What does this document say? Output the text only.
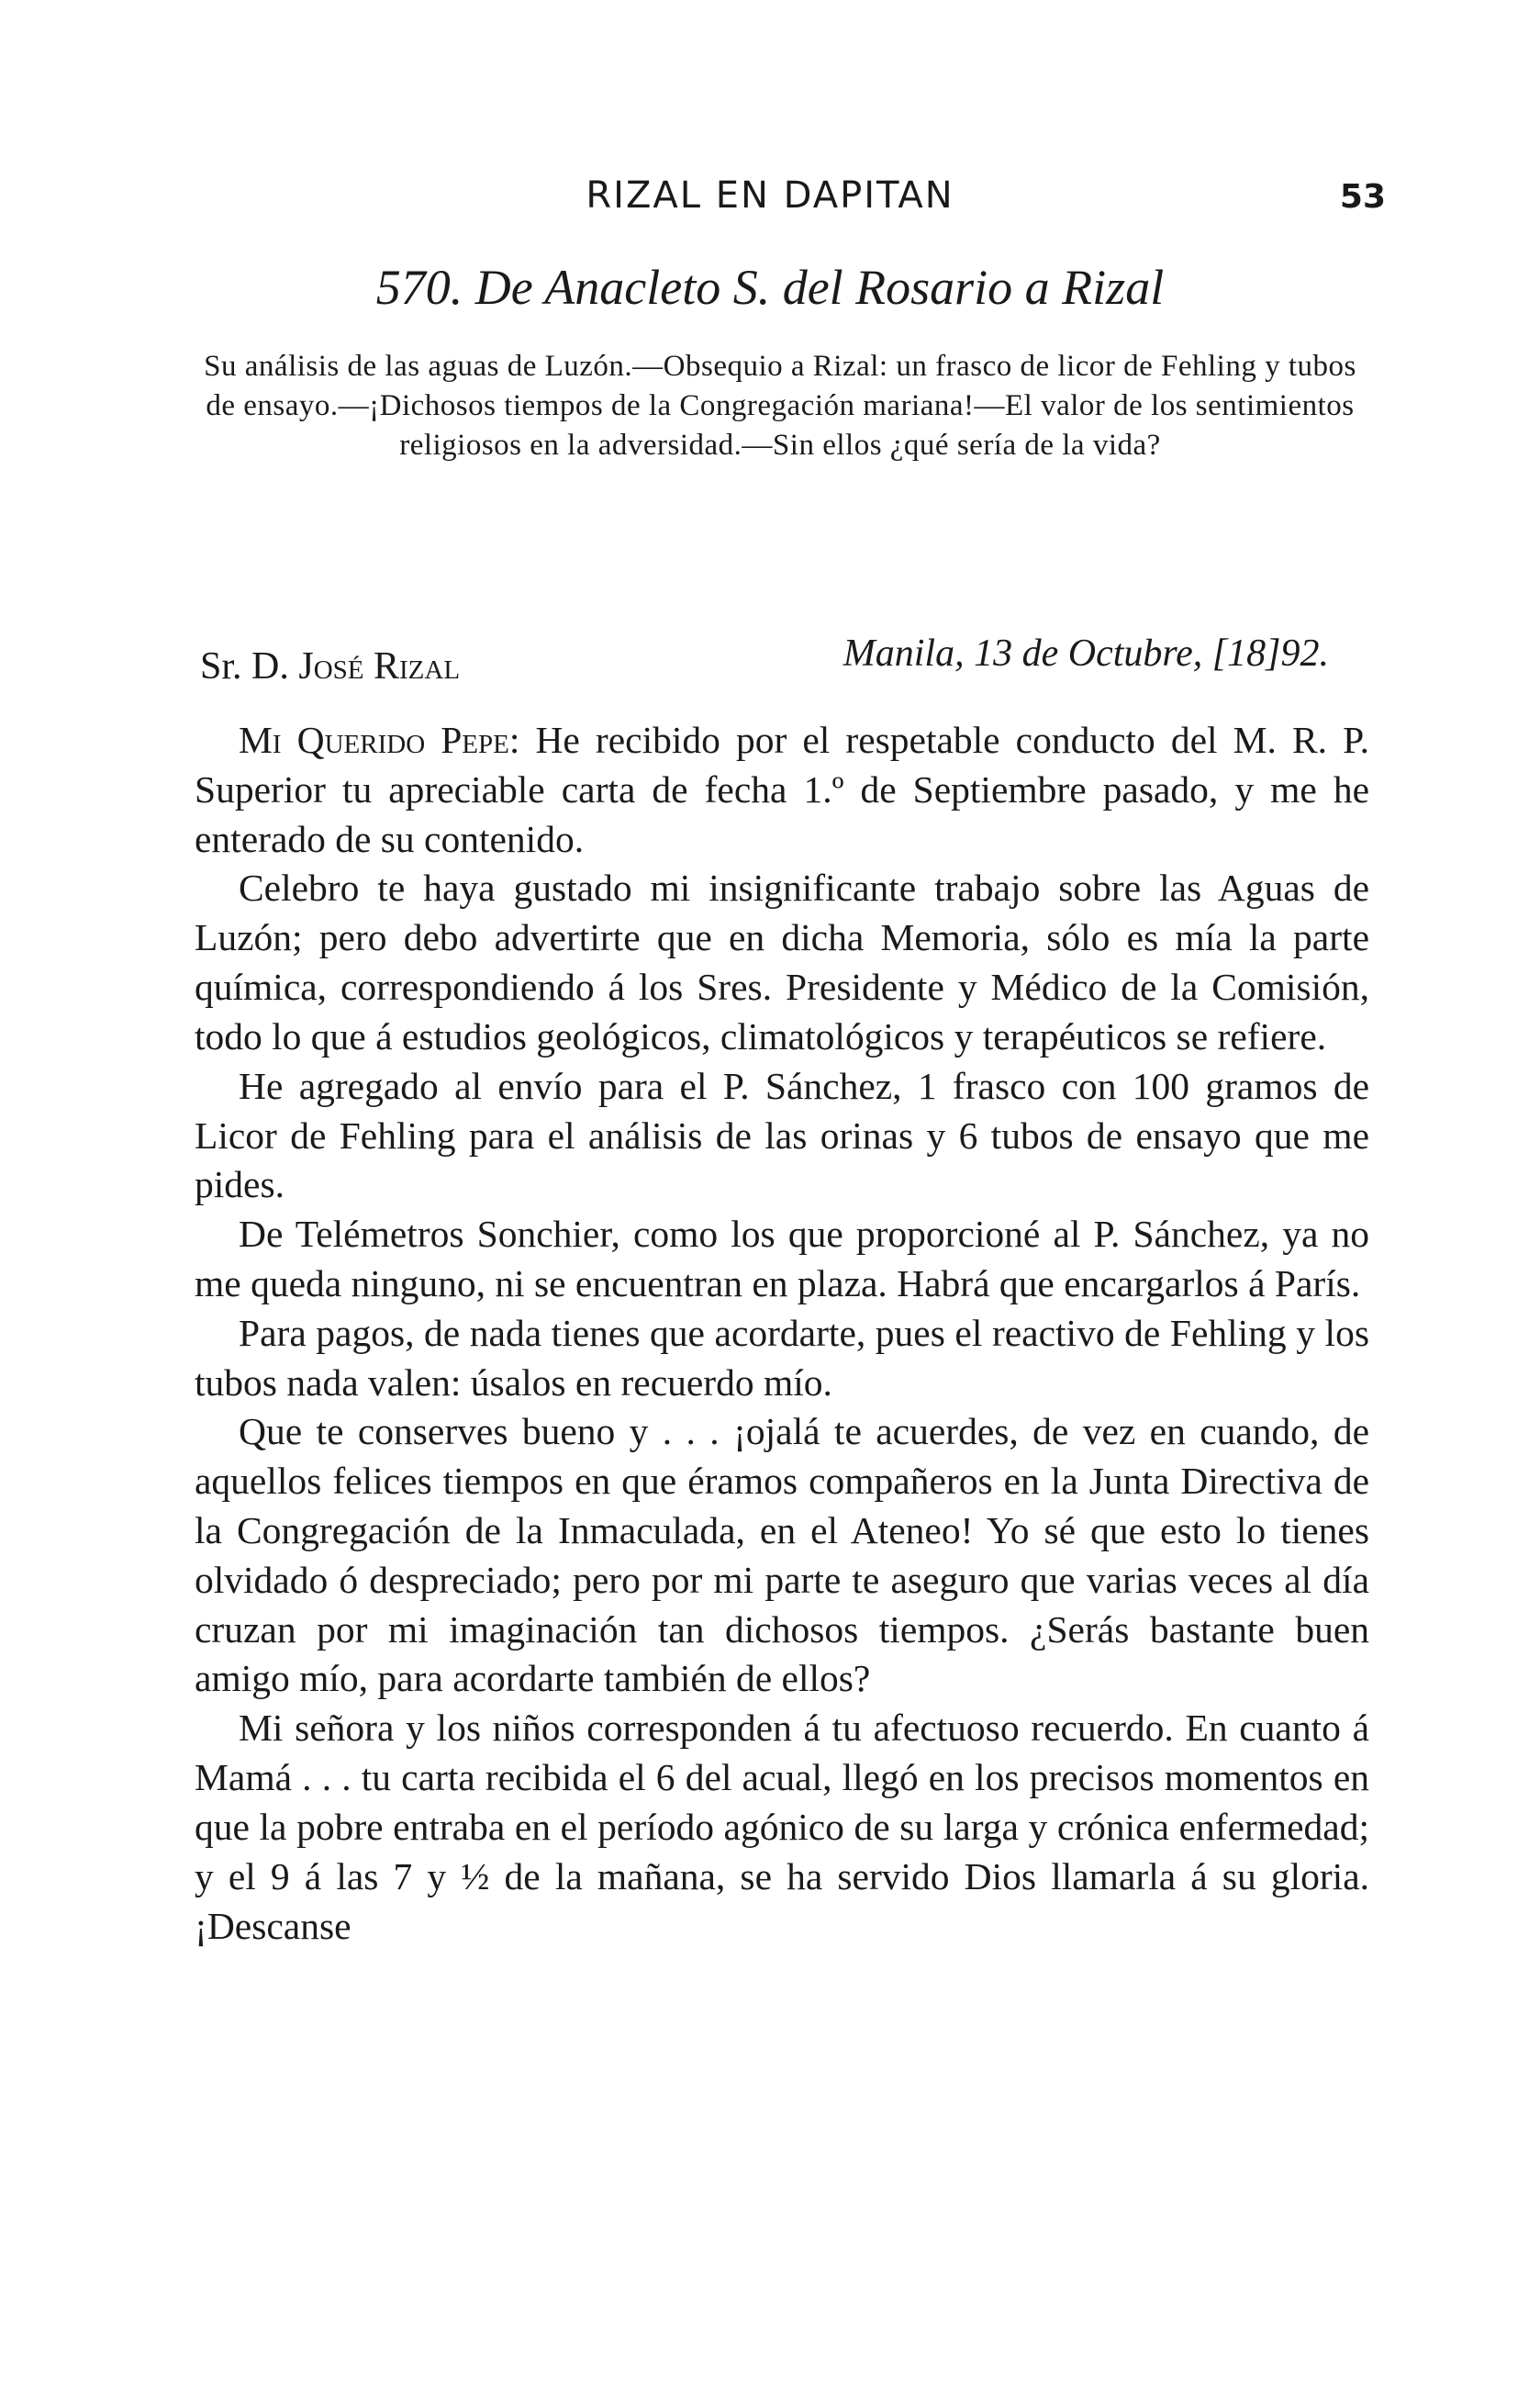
RIZAL EN DAPITAN	53
570. De Anacleto S. del Rosario a Rizal
Su análisis de las aguas de Luzón.—Obsequio a Rizal: un frasco de licor de Fehling y tubos de ensayo.—¡Dichosos tiempos de la Congregación mariana!—El valor de los sentimientos religiosos en la adversidad.—Sin ellos ¿qué sería de la vida?
Manila, 13 de Octubre, [18]92.
Sr. D. José Rizal

Mi Querido Pepe: He recibido por el respetable conducto del M. R. P. Superior tu apreciable carta de fecha 1.º de Septiembre pasado, y me he enterado de su contenido.

Celebro te haya gustado mi insignificante trabajo sobre las Aguas de Luzón; pero debo advertirte que en dicha Memoria, sólo es mía la parte química, correspondiendo á los Sres. Presidente y Médico de la Comisión, todo lo que á estudios geológicos, climatológicos y terapéuticos se refiere.

He agregado al envío para el P. Sánchez, 1 frasco con 100 gramos de Licor de Fehling para el análisis de las orinas y 6 tubos de ensayo que me pides.

De Telémetros Sonchier, como los que proporcioné al P. Sánchez, ya no me queda ninguno, ni se encuentran en plaza. Habrá que encargarlos á París.

Para pagos, de nada tienes que acordarte, pues el reactivo de Fehling y los tubos nada valen: úsalos en recuerdo mío.

Que te conserves bueno y . . . ¡ojalá te acuerdes, de vez en cuando, de aquellos felices tiempos en que éramos compañeros en la Junta Directiva de la Congregación de la Inmaculada, en el Ateneo! Yo sé que esto lo tienes olvidado ó despreciado; pero por mi parte te aseguro que varias veces al día cruzan por mi imaginación tan dichosos tiempos. ¿Serás bastante buen amigo mío, para acordarte también de ellos?

Mi señora y los niños corresponden á tu afectuoso recuerdo. En cuanto á Mamá . . . tu carta recibida el 6 del acual, llegó en los precisos momentos en que la pobre entraba en el período agónico de su larga y crónica enfermedad; y el 9 á las 7 y ½ de la mañana, se ha servido Dios llamarla á su gloria. ¡Descanse
